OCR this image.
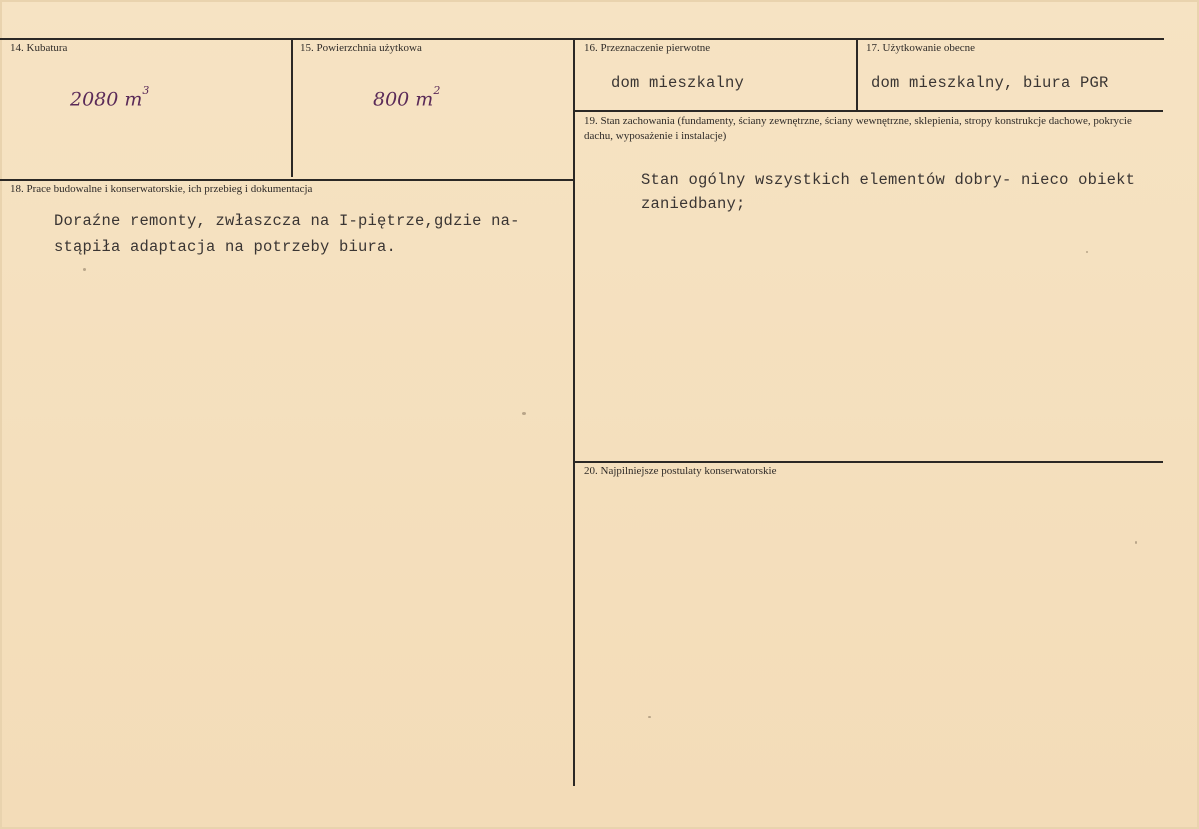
14. Kubatura
2080 $m^3$
15. Powierzchnia użytkowa
800 $m^2$
16. Przeznaczenie pierwotne
dom mieszkalny
17. Użytkowanie obecne
dom mieszkalny, biura PGR
18. Prace budowalne i konserwatorskie, ich przebieg i dokumentacja
Doraźne remonty, zwłaszcza na I-piętrze,gdzie na-
stąpiła adaptacja na potrzeby biura.
19. Stan zachowania (fundamenty, ściany zewnętrzne, ściany wewnętrzne, sklepienia, stropy konstrukcje dachowe, pokrycie dachu, wyposażenie i instalacje)
Stan ogólny wszystkich elementów dobry- nieco obiekt
zaniedbany;
20. Najpilniejsze postulaty konserwatorskie
